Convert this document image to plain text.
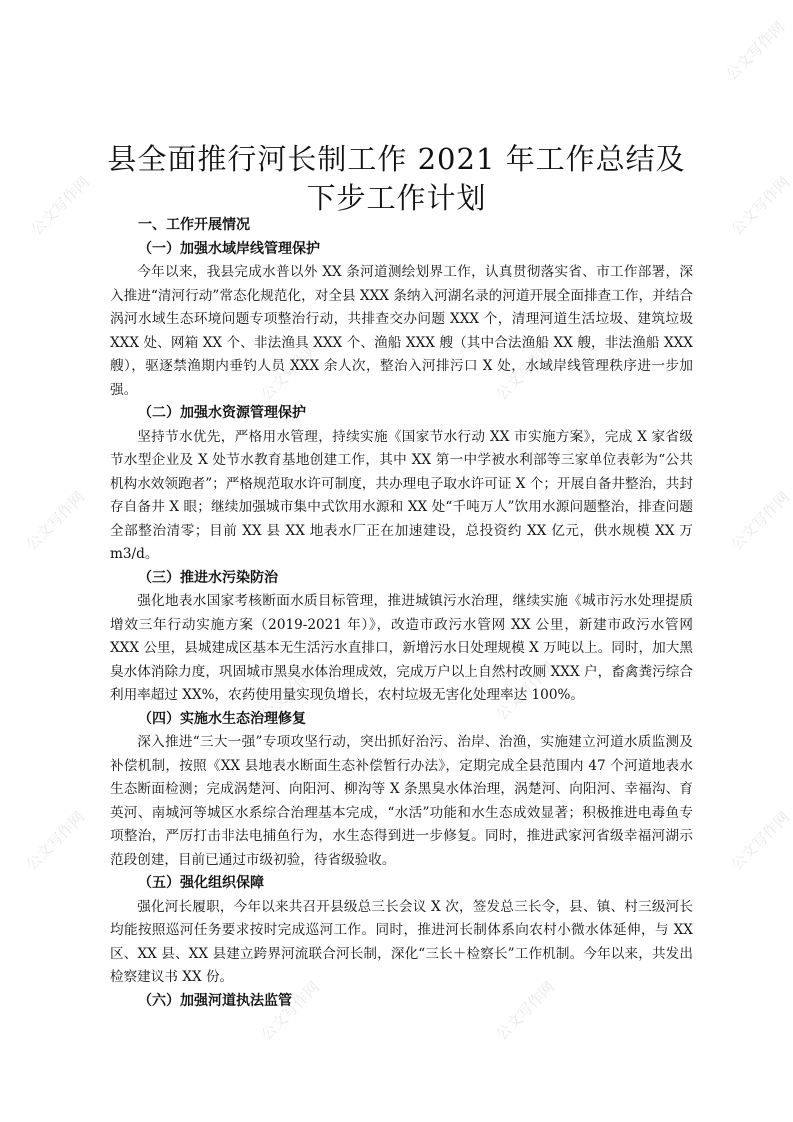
公文写作网
公文写作网	公文写作网
公文写作网	公文写作网
公文写作网	公文写作网
公文写作网	公文写作网
公文写作网	公文写作网
公文写作网	公文写作网
县全面推行河长制工作 2021 年工作总结及下步工作计划
一、工作开展情况
（一）加强水域岸线管理保护

今年以来，我县完成水普以外 XX 条河道测绘划界工作，认真贯彻落实省、市工作部署，深入推进“清河行动”常态化规范化，对全县 XXX 条纳入河湖名录的河道开展全面排查工作，并结合涡河水域生态环境问题专项整治行动，共排查交办问题 XXX 个，清理河道生活垃圾、建筑垃圾 XXX 处、网箱 XX 个、非法渔具 XXX 个、渔船 XXX 艘（其中合法渔船 XX 艘，非法渔船 XXX 艘），驱逐禁渔期内垂钓人员 XXX 余人次，整治入河排污口 X 处，水域岸线管理秩序进一步加强。

（二）加强水资源管理保护

坚持节水优先，严格用水管理，持续实施《国家节水行动 XX 市实施方案》，完成 X 家省级节水型企业及 X 处节水教育基地创建工作，其中 XX 第一中学被水利部等三家单位表彰为“公共机构水效领跑者”；严格规范取水许可制度，共办理电子取水许可证 X 个；开展自备井整治，共封存自备井 X 眼；继续加强城市集中式饮用水源和 XX 处“千吨万人”饮用水源问题整治，排查问题全部整治清零；目前 XX 县 XX 地表水厂正在加速建设，总投资约 XX 亿元，供水规模 XX 万 m3/d。

（三）推进水污染防治

强化地表水国家考核断面水质目标管理，推进城镇污水治理，继续实施《城市污水处理提质增效三年行动实施方案（2019-2021 年）》，改造市政污水管网 XX 公里，新建市政污水管网 XXX 公里，县城建成区基本无生活污水直排口，新增污水日处理规模 X 万吨以上。同时，加大黑臭水体消除力度，巩固城市黑臭水体治理成效，完成万户以上自然村改厕 XXX 户，畜禽粪污综合利用率超过 XX%，农药使用量实现负增长，农村垃圾无害化处理率达 100%。

（四）实施水生态治理修复

深入推进“三大一强”专项攻坚行动，突出抓好治污、治岸、治渔，实施建立河道水质监测及补偿机制，按照《XX 县地表水断面生态补偿暂行办法》，定期完成全县范围内 47 个河道地表水生态断面检测；完成涡楚河、向阳河、柳沟等 X 条黑臭水体治理，涡楚河、向阳河、幸福沟、育英河、南城河等城区水系综合治理基本完成，“水活”功能和水生态成效显著；积极推进电毒鱼专项整治，严厉打击非法电捕鱼行为，水生态得到进一步修复。同时，推进武家河省级幸福河湖示范段创建，目前已通过市级初验，待省级验收。

（五）强化组织保障

强化河长履职，今年以来共召开县级总三长会议 X 次，签发总三长令，县、镇、村三级河长均能按照巡河任务要求按时完成巡河工作。同时，推进河长制体系向农村小微水体延伸，与 XX 区、XX 县、XX 县建立跨界河流联合河长制，深化“三长＋检察长”工作机制。今年以来，共发出检察建议书 XX 份。

（六）加强河道执法监管
